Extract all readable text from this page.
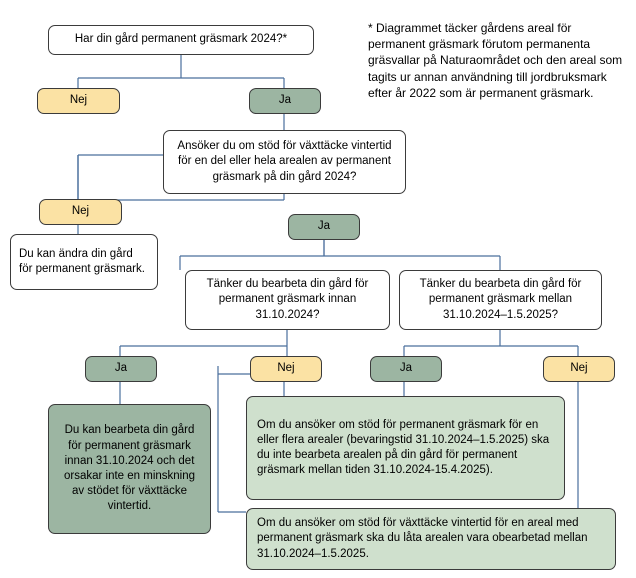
* Diagrammet täcker gårdens areal för permanent gräsmark förutom permanenta gräsvallar på Naturaområdet och den areal som tagits ur annan användning till jordbruksmark efter år 2022 som är permanent gräsmark.
Har din gård permanent gräsmark 2024?*
Nej	Ja
Ansöker du om stöd för växttäcke vintertid för en del eller hela arealen av permanent gräsmark på din gård 2024?
Nej
Du kan ändra din gård för permanent gräsmark.
Ja
Tänker du bearbeta din gård för permanent gräsmark innan 31.10.2024?
Tänker du bearbeta din gård för permanent gräsmark mellan 31.10.2024–1.5.2025?
Ja	Nej	Ja	Nej
Du kan bearbeta din gård för permanent gräsmark innan 31.10.2024 och det orsakar inte en minskning av stödet för växttäcke vintertid.
Om du ansöker om stöd för permanent gräsmark för en eller flera arealer (bevaringstid 31.10.2024–1.5.2025) ska du inte bearbeta arealen på din gård för permanent gräsmark mellan tiden 31.10.2024-15.4.2025).
Om du ansöker om stöd för växttäcke vintertid för en areal med permanent gräsmark ska du låta arealen vara obearbetad mellan 31.10.2024–1.5.2025.
